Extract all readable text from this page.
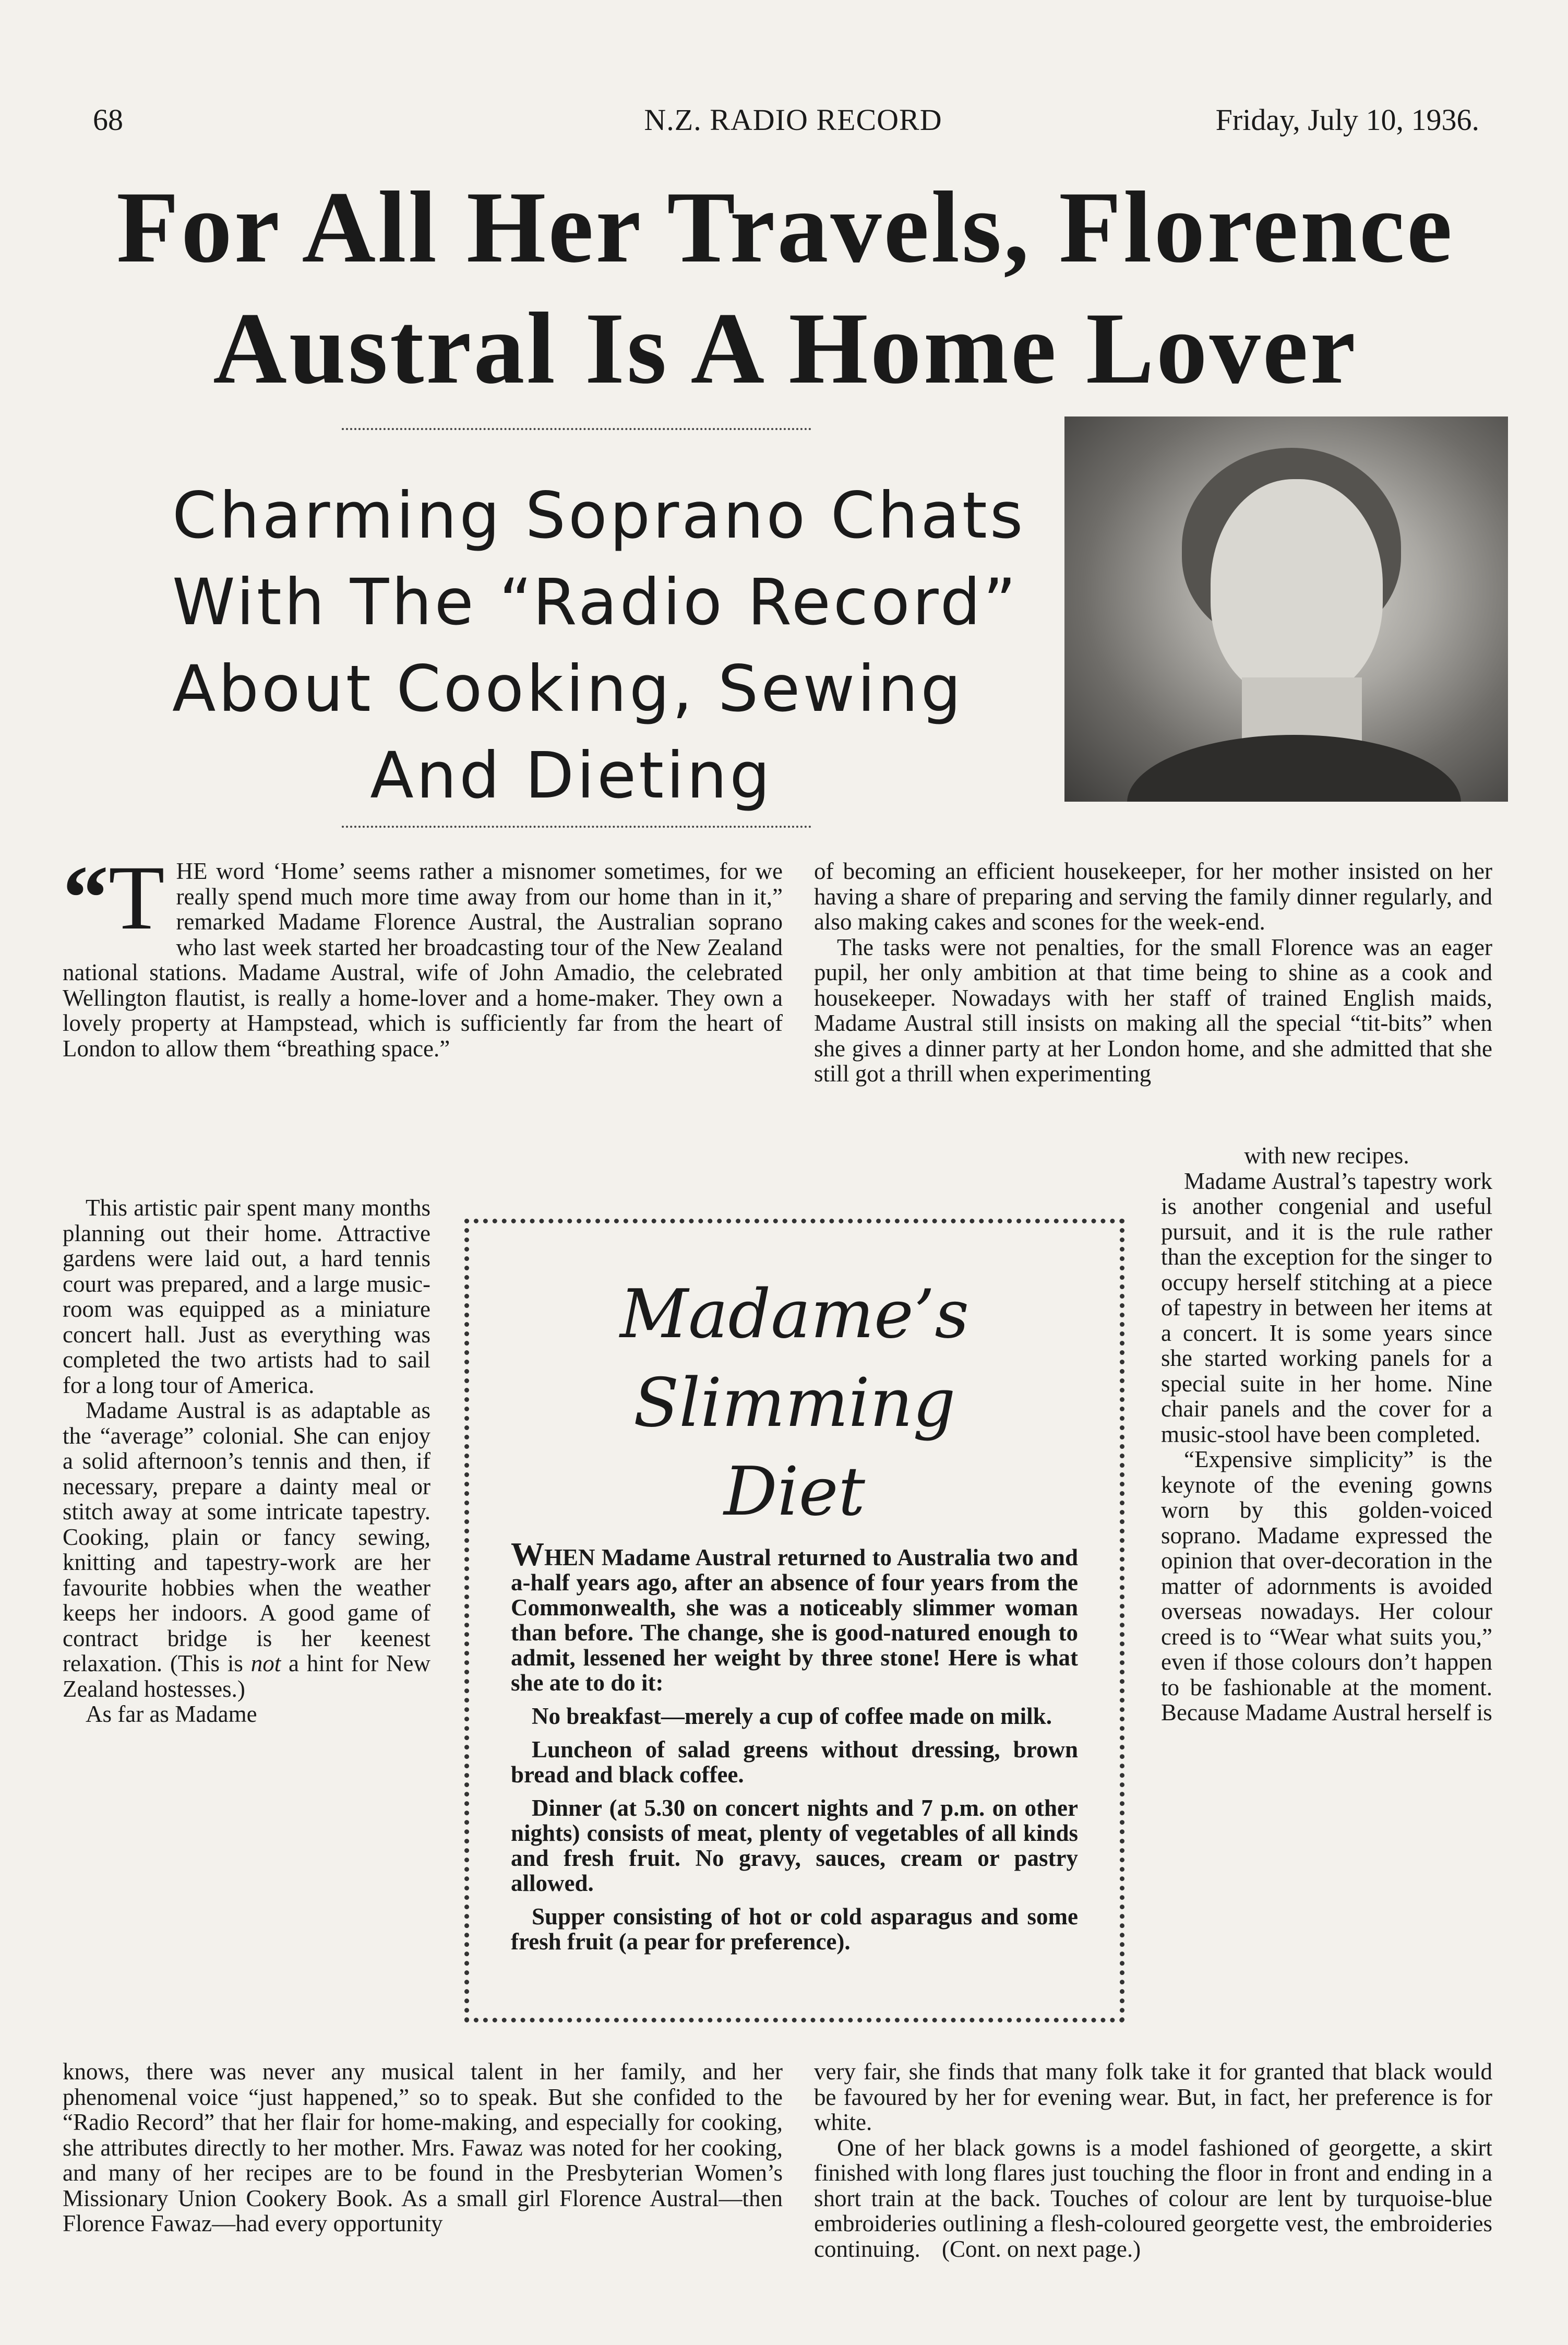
68	N.Z. RADIO RECORD	Friday, July 10, 1936.
For All Her Travels, Florence
Austral Is A Home Lover
Charming Soprano Chats
With The “Radio Record”
About Cooking, Sewing
And Dieting

“T HE word ‘Home’ seems rather a misnomer sometimes, for we really spend much more time away from our home than in it,” remarked Madame Florence Austral, the Australian soprano who last week started her broadcasting tour of the New Zealand national stations. Madame Austral, wife of John Amadio, the celebrated Wellington flautist, is really a home-lover and a home-maker. They own a lovely property at Hampstead, which is sufficiently far from the heart of London to allow them “breathing space.”

This artistic pair spent many months planning out their home. Attractive gardens were laid out, a hard tennis court was prepared, and a large music-room was equipped as a miniature concert hall. Just as everything was completed the two artists had to sail for a long tour of America.

Madame Austral is as adaptable as the “average” colonial. She can enjoy a solid afternoon’s tennis and then, if necessary, prepare a dainty meal or stitch away at some intricate tapestry. Cooking, plain or fancy sewing, knitting and tapestry-work are her favourite hobbies when the weather keeps her indoors. A good game of contract bridge is her keenest relaxation. (This is not a hint for New Zealand hostesses.)

As far as Madame

knows, there was never any musical talent in her family, and her phenomenal voice “just happened,” so to speak. But she confided to the “Radio Record” that her flair for home-making, and especially for cooking, she attributes directly to her mother. Mrs. Fawaz was noted for her cooking, and many of her recipes are to be found in the Presbyterian Women’s Missionary Union Cookery Book. As a small girl Florence Austral—then Florence Fawaz—had every opportunity

of becoming an efficient housekeeper, for her mother insisted on her having a share of preparing and serving the family dinner regularly, and also making cakes and scones for the week-end.

The tasks were not penalties, for the small Florence was an eager pupil, her only ambition at that time being to shine as a cook and housekeeper. Nowadays with her staff of trained English maids, Madame Austral still insists on making all the special “tit-bits” when she gives a dinner party at her London home, and she admitted that she still got a thrill when experimenting

with new recipes.

Madame Austral’s tapestry work is another congenial and useful pursuit, and it is the rule rather than the exception for the singer to occupy herself stitching at a piece of tapestry in between her items at a concert. It is some years since she started working panels for a special suite in her home. Nine chair panels and the cover for a music-stool have been completed.

“Expensive simplicity” is the keynote of the evening gowns worn by this golden-voiced soprano. Madame expressed the opinion that over-decoration in the matter of adornments is avoided overseas nowadays. Her colour creed is to “Wear what suits you,” even if those colours don’t happen to be fashionable at the moment. Because Madame Austral herself is

very fair, she finds that many folk take it for granted that black would be favoured by her for evening wear. But, in fact, her preference is for white.

One of her black gowns is a model fashioned of georgette, a skirt finished with long flares just touching the floor in front and ending in a short train at the back. Touches of colour are lent by turquoise-blue embroideries outlining a flesh-coloured georgette vest, the embroideries continuing. (Cont. on next page.)

Madame’s Slimming
Diet

WHEN Madame Austral returned to Australia two and a-half years ago, after an absence of four years from the Commonwealth, she was a noticeably slimmer woman than before. The change, she is good-natured enough to admit, lessened her weight by three stone! Here is what she ate to do it:

No breakfast—merely a cup of coffee made on milk.

Luncheon of salad greens without dressing, brown bread and black coffee.

Dinner (at 5.30 on concert nights and 7 p.m. on other nights) consists of meat, plenty of vegetables of all kinds and fresh fruit. No gravy, sauces, cream or pastry allowed.

Supper consisting of hot or cold asparagus and some fresh fruit (a pear for preference).
